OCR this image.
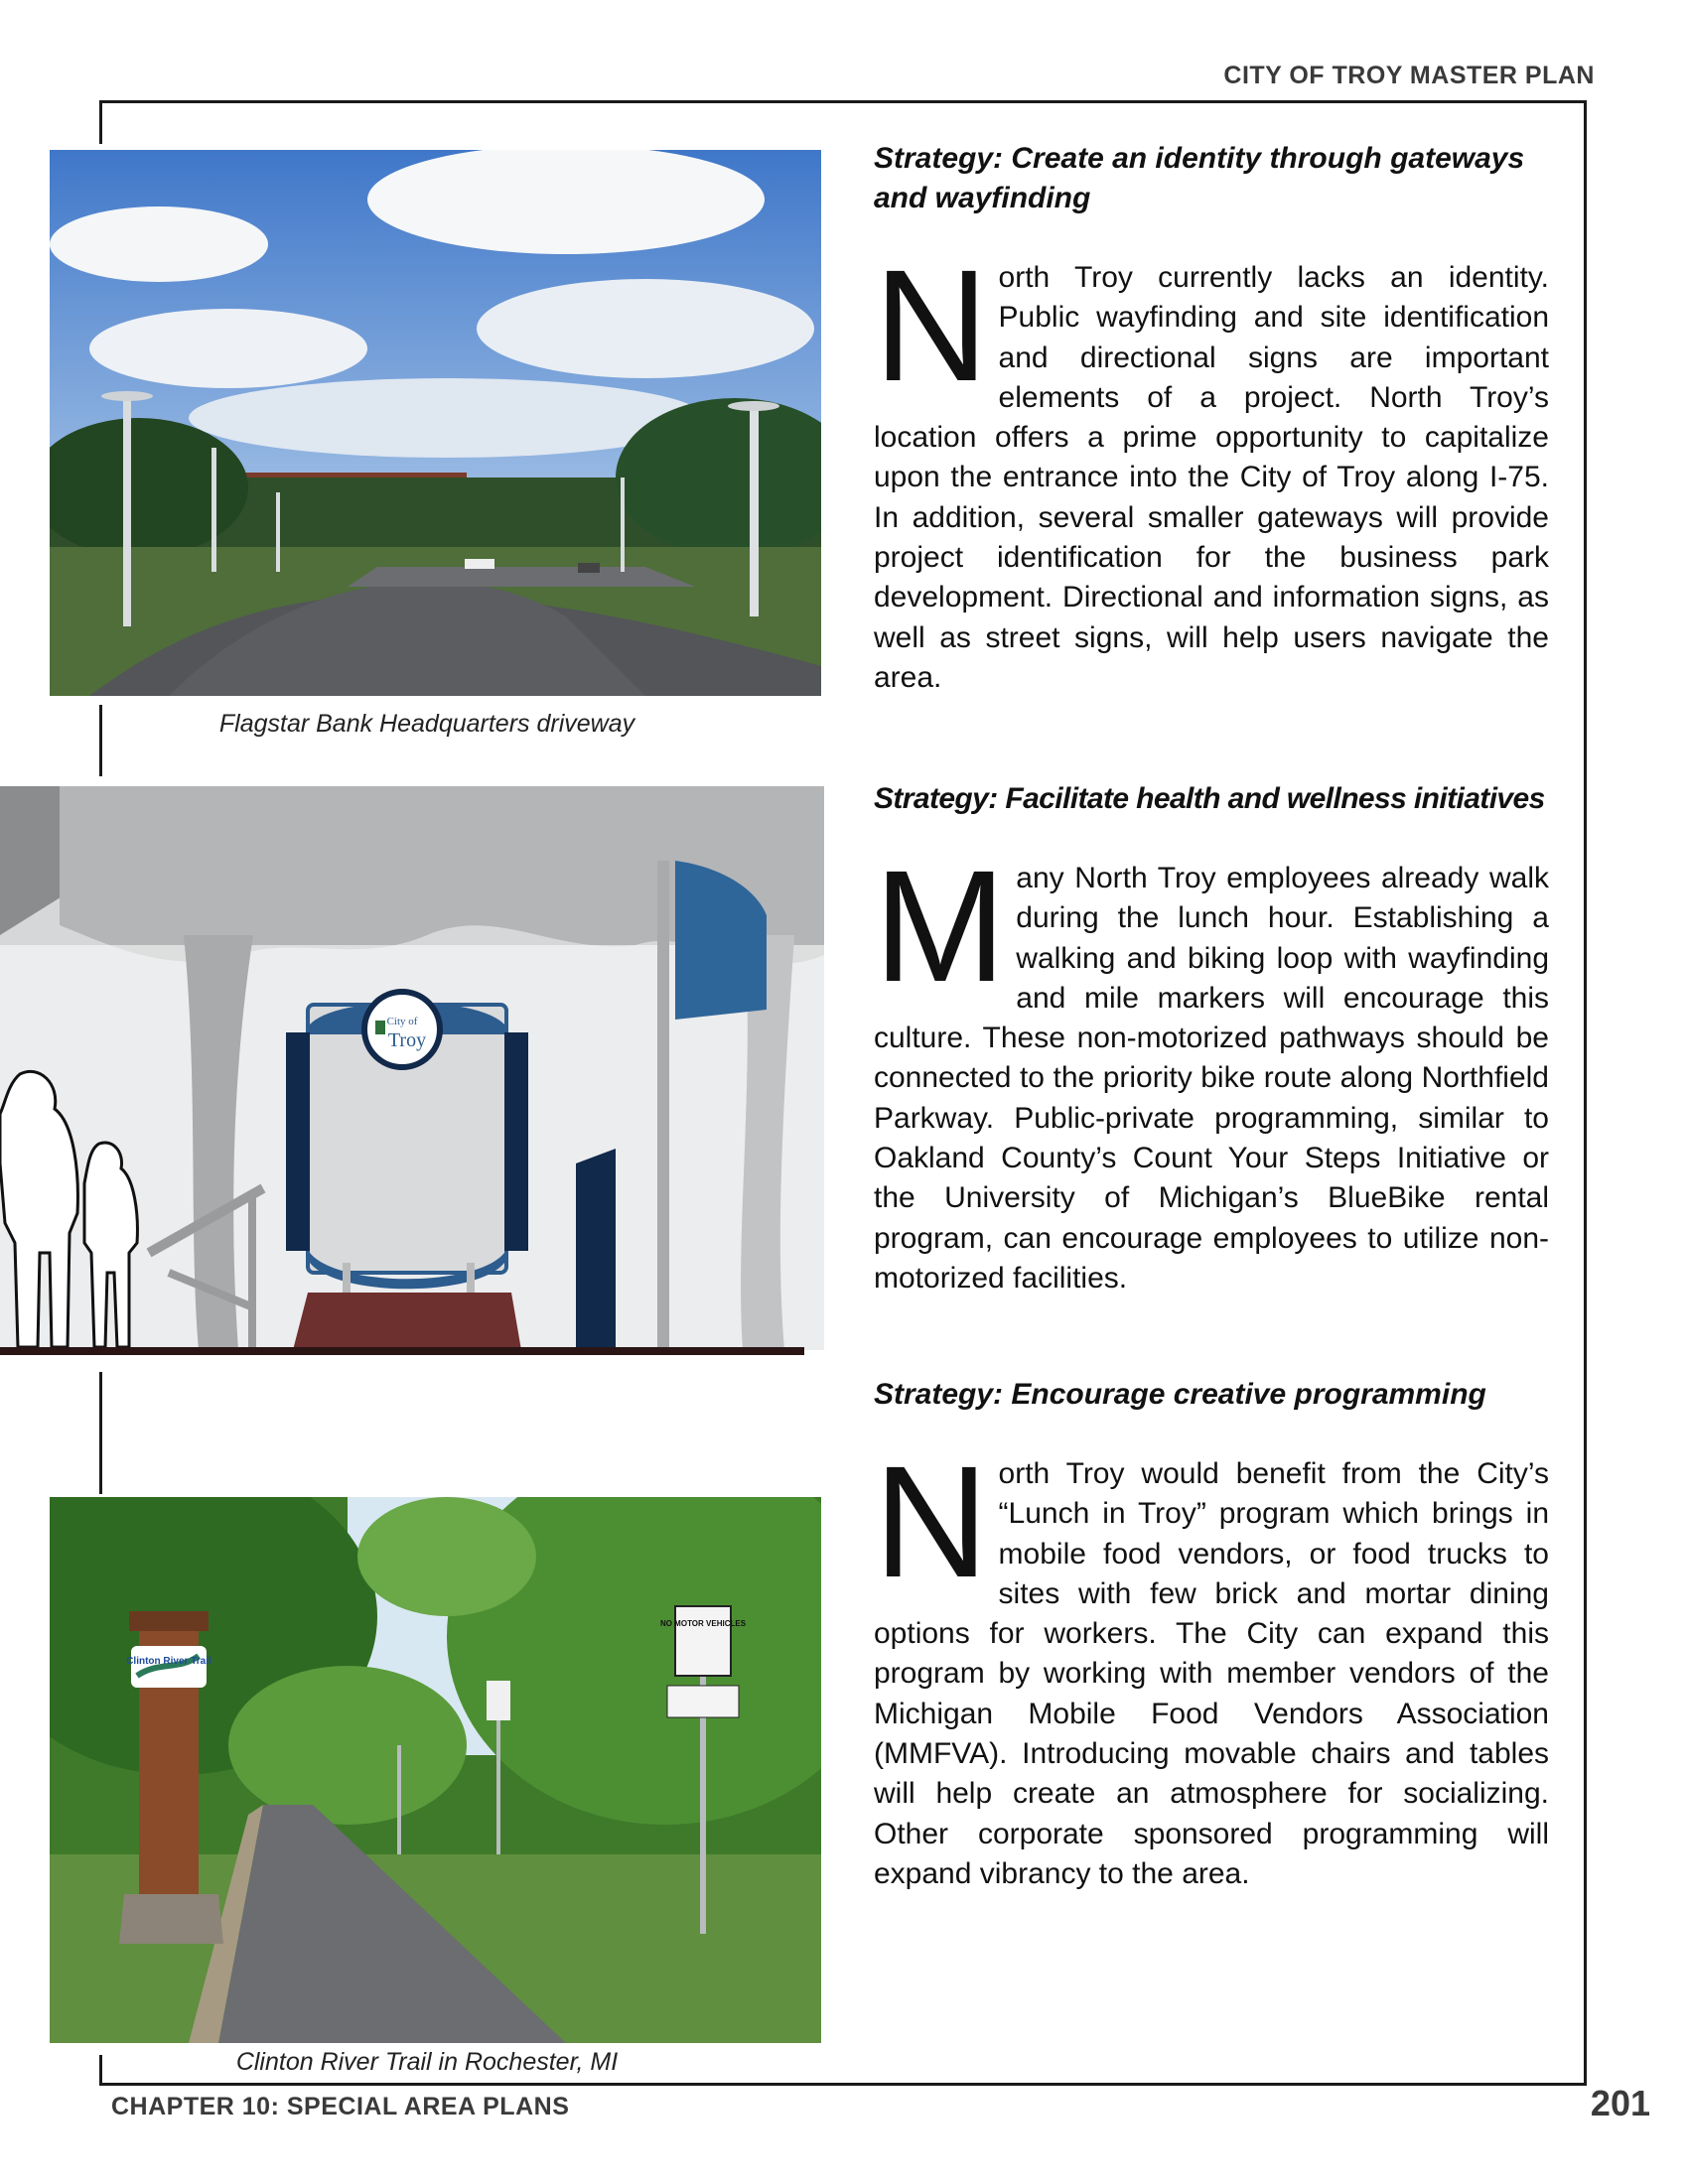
CITY OF TROY MASTER PLAN
Flagstar Bank Headquarters driveway
City of
Troy
Clinton River Trail
NO MOTOR VEHICLES
Clinton River Trail in Rochester, MI

Strategy: Create an identity through gateways and wayfinding

North Troy currently lacks an identity. Public wayfinding and site identification and directional signs are important elements of a project. North Troy’s location offers a prime opportunity to capitalize upon the entrance into the City of Troy along I-75. In addition, several smaller gateways will provide project identification for the business park development. Directional and information signs, as well as street signs, will help users navigate the area.

Strategy: Facilitate health and wellness initiatives

Many North Troy employees already walk during the lunch hour. Establishing a walking and biking loop with wayfinding and mile markers will encourage this culture. These non-motorized pathways should be connected to the priority bike route along Northfield Parkway. Public-private programming, similar to Oakland County’s Count Your Steps Initiative or the University of Michigan’s BlueBike rental program, can encourage employees to utilize non-motorized facilities.

Strategy: Encourage creative programming

North Troy would benefit from the City’s “Lunch in Troy” program which brings in mobile food vendors, or food trucks to sites with few brick and mortar dining options for workers. The City can expand this program by working with member vendors of the Michigan Mobile Food Vendors Association (MMFVA). Introducing movable chairs and tables will help create an atmosphere for socializing. Other corporate sponsored programming will expand vibrancy to the area.

CHAPTER 10: SPECIAL AREA PLANS	201
